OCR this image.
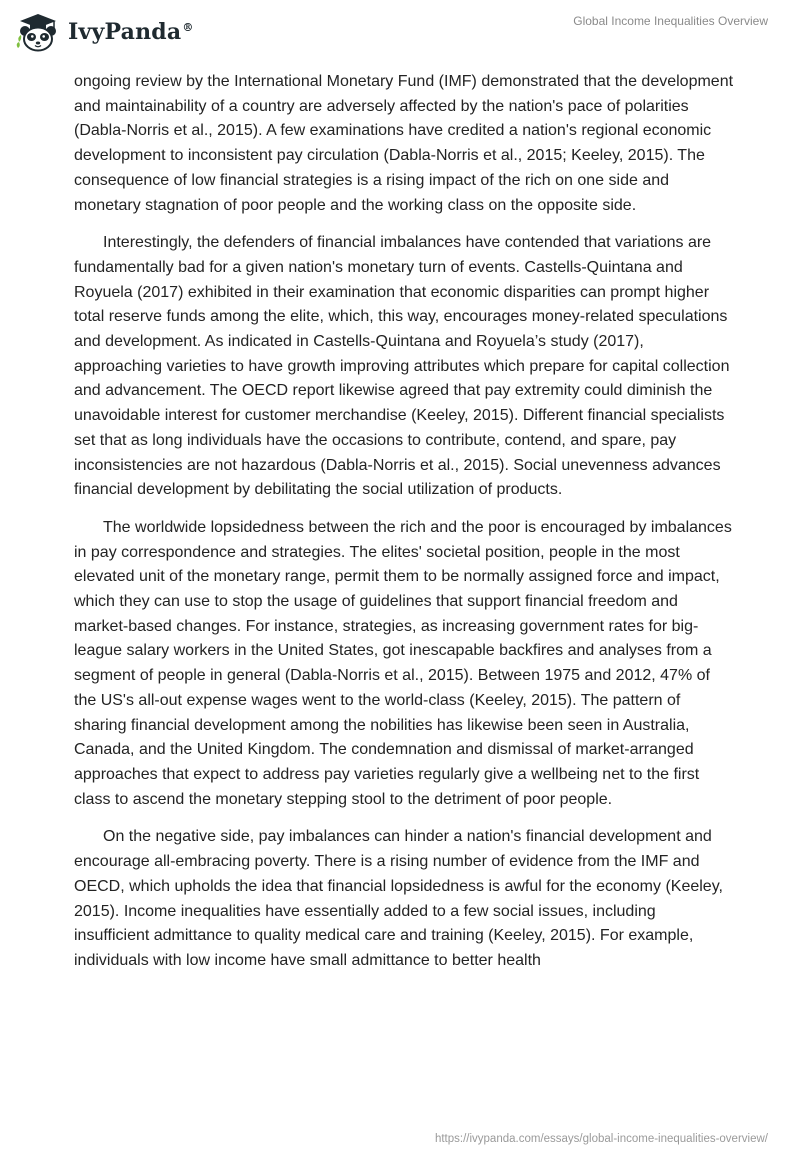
IvyPanda®	Global Income Inequalities Overview

ongoing review by the International Monetary Fund (IMF) demonstrated that the development and maintainability of a country are adversely affected by the nation's pace of polarities (Dabla-Norris et al., 2015). A few examinations have credited a nation's regional economic development to inconsistent pay circulation (Dabla-Norris et al., 2015; Keeley, 2015). The consequence of low financial strategies is a rising impact of the rich on one side and monetary stagnation of poor people and the working class on the opposite side.

Interestingly, the defenders of financial imbalances have contended that variations are fundamentally bad for a given nation's monetary turn of events. Castells-Quintana and Royuela (2017) exhibited in their examination that economic disparities can prompt higher total reserve funds among the elite, which, this way, encourages money-related speculations and development. As indicated in Castells-Quintana and Royuela’s study (2017), approaching varieties to have growth improving attributes which prepare for capital collection and advancement. The OECD report likewise agreed that pay extremity could diminish the unavoidable interest for customer merchandise (Keeley, 2015). Different financial specialists set that as long individuals have the occasions to contribute, contend, and spare, pay inconsistencies are not hazardous (Dabla-Norris et al., 2015). Social unevenness advances financial development by debilitating the social utilization of products.

The worldwide lopsidedness between the rich and the poor is encouraged by imbalances in pay correspondence and strategies. The elites' societal position, people in the most elevated unit of the monetary range, permit them to be normally assigned force and impact, which they can use to stop the usage of guidelines that support financial freedom and market-based changes. For instance, strategies, as increasing government rates for big-league salary workers in the United States, got inescapable backfires and analyses from a segment of people in general (Dabla-Norris et al., 2015). Between 1975 and 2012, 47% of the US's all-out expense wages went to the world-class (Keeley, 2015). The pattern of sharing financial development among the nobilities has likewise been seen in Australia, Canada, and the United Kingdom. The condemnation and dismissal of market-arranged approaches that expect to address pay varieties regularly give a wellbeing net to the first class to ascend the monetary stepping stool to the detriment of poor people.

On the negative side, pay imbalances can hinder a nation's financial development and encourage all-embracing poverty. There is a rising number of evidence from the IMF and OECD, which upholds the idea that financial lopsidedness is awful for the economy (Keeley, 2015). Income inequalities have essentially added to a few social issues, including insufficient admittance to quality medical care and training (Keeley, 2015). For example, individuals with low income have small admittance to better health

https://ivypanda.com/essays/global-income-inequalities-overview/
